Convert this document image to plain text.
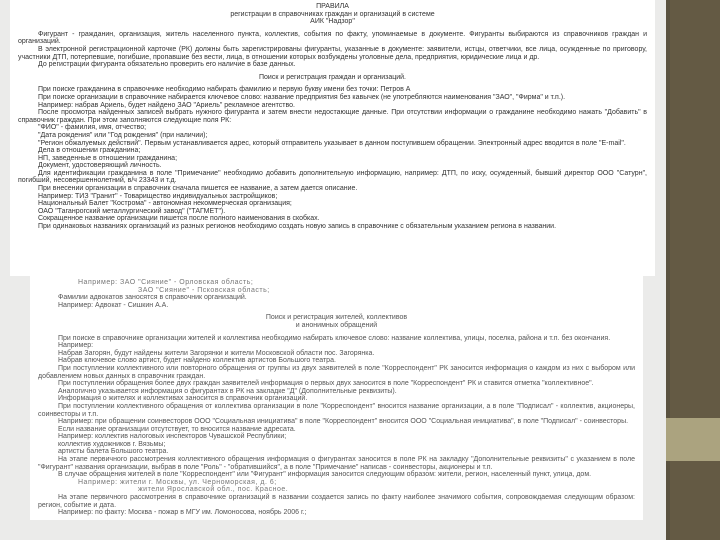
ПРАВИЛА
регистрации в справочниках граждан и организаций в системе
АИК "Надзор"

Фигурант - гражданин, организация, житель населенного пункта, коллектив, события по факту, упоминаемые в документе. Фигуранты выбираются из справочников граждан и организаций.

В электронной регистрационной карточке (РК) должны быть зарегистрированы фигуранты, указанные в документе: заявители, истцы, ответчики, все лица, осужденные по приговору, участники ДТП, потерпевшие, погибшие, пропавшие без вести, лица, в отношении которых возбуждены уголовные дела, предприятия, юридические лица и др.

До регистрации фигуранта обязательно проверить его наличие в базе данных.

Поиск и регистрация граждан и организаций.

При поиске гражданина в справочнике необходимо набирать фамилию и первую букву имени без точки: Петров А

При поиске организации в справочнике набирается ключевое слово: название предприятия без кавычек (не употребляются наименования "ЗАО", "Фирма" и т.п.).

Например: набрав Ариель, будет найдено ЗАО "Ариель" рекламное агентство.

После просмотра найденных записей выбрать нужного фигуранта и затем внести недостающие данные. При отсутствии информации о гражданине необходимо нажать "Добавить" в справочник граждан. При этом заполняются следующие поля РК:

"ФИО" - фамилия, имя, отчество;

"Дата рождения" или "Год рождения" (при наличии);

"Регион обжалуемых действий". Первым устанавливается адрес, который отправитель указывает в данном поступившем обращении. Электронный адрес вводится в поле "E-mail".

Дела в отношении гражданина;

НП, заведенные в отношении гражданина;

Документ, удостоверяющий личность.

Для идентификации гражданина в поле "Примечание" необходимо добавить дополнительную информацию, например: ДТП, по иску, осужденный, бывший директор ООО "Сатурн", погибший, несовершеннолетний, в/ч 23343 и т.д.

При внесении организации в справочник сначала пишется ее название, а затем дается описание.

Например: ТИЗ "Гранит" - Товарищество индивидуальных застройщиков;

Национальный Балет "Кострома" - автономная некоммерческая организация;

ОАО "Таганрогский металлургический завод" ("ТАГМЕТ").

Сокращенное название организации пишется после полного наименования в скобках.

При одинаковых названиях организаций из разных регионов необходимо создать новую запись в справочнике с обязательным указанием региона в названии.

Например: ЗАО "Сияние" - Орловская область;

ЗАО "Сияние" - Псковская область;

Фамилии адвокатов заносятся в справочник организаций.

Например: Адвокат - Сишкин А.А.

Поиск и регистрация жителей, коллективов
и анонимных обращений

При поиске в справочнике организации жителей и коллектива необходимо набирать ключевое слово: название коллектива, улицы, поселка, района и т.п. без окончания.

Например:

Набрав Загорян, будут найдены жители Загорянки и жители Московской области пос. Загорянка.

Набрав ключевое слово артист, будет найдено коллектив артистов Большого театра.

При поступлении коллективного или повторного обращения от группы из двух заявителей в поле "Корреспондент" РК заносится информация о каждом из них с выбором или добавлением новых данных в справочник граждан.

При поступлении обращения более двух граждан заявителей информация о первых двух заносится в поле "Корреспондент" РК и ставится отметка "коллективное".

Аналогично указывается информация о фигурантах в РК на закладке "Д" (Дополнительные реквизиты).

Информация о жителях и коллективах заносится в справочник организаций.

При поступлении коллективного обращения от коллектива организации в поле "Корреспондент" вносится название организации, а в поле "Подписал" - коллектив, акционеры, соинвесторы и т.п.

Например: при обращении соинвесторов ООО "Социальная инициатива" в поле "Корреспондент" вносится ООО "Социальная инициатива", в поле "Подписал" - соинвесторы.

Если название организации отсутствует, то вносится название адресата.

Например: коллектив налоговых инспекторов Чувашской Республики;

коллектив художников г. Вязьмы;

артисты балета Большого театра.

На этапе первичного рассмотрения коллективного обращения информация о фигурантах заносится в поле РК на закладку "Дополнительные реквизиты" с указанием в поле "Фигурант" названия организации, выбрав в поле "Роль" - "обратившийся", а в поле "Примечание" написав - соинвесторы, акционеры и т.п.

В случае обращения жителей в поле "Корреспондент" или "Фигурант" информация заносится следующим образом: жители, регион, населенный пункт, улица, дом.

Например: жители г. Москвы, ул. Черноморская, д. 6;

жители Ярославской обл., пос. Красное.

На этапе первичного рассмотрения в справочнике организаций в названии создается запись по факту наиболее значимого события, сопровождаемая следующим образом: регион, событие и дата.

Например: по факту: Москва - пожар в МГУ им. Ломоносова, ноябрь 2006 г.;
